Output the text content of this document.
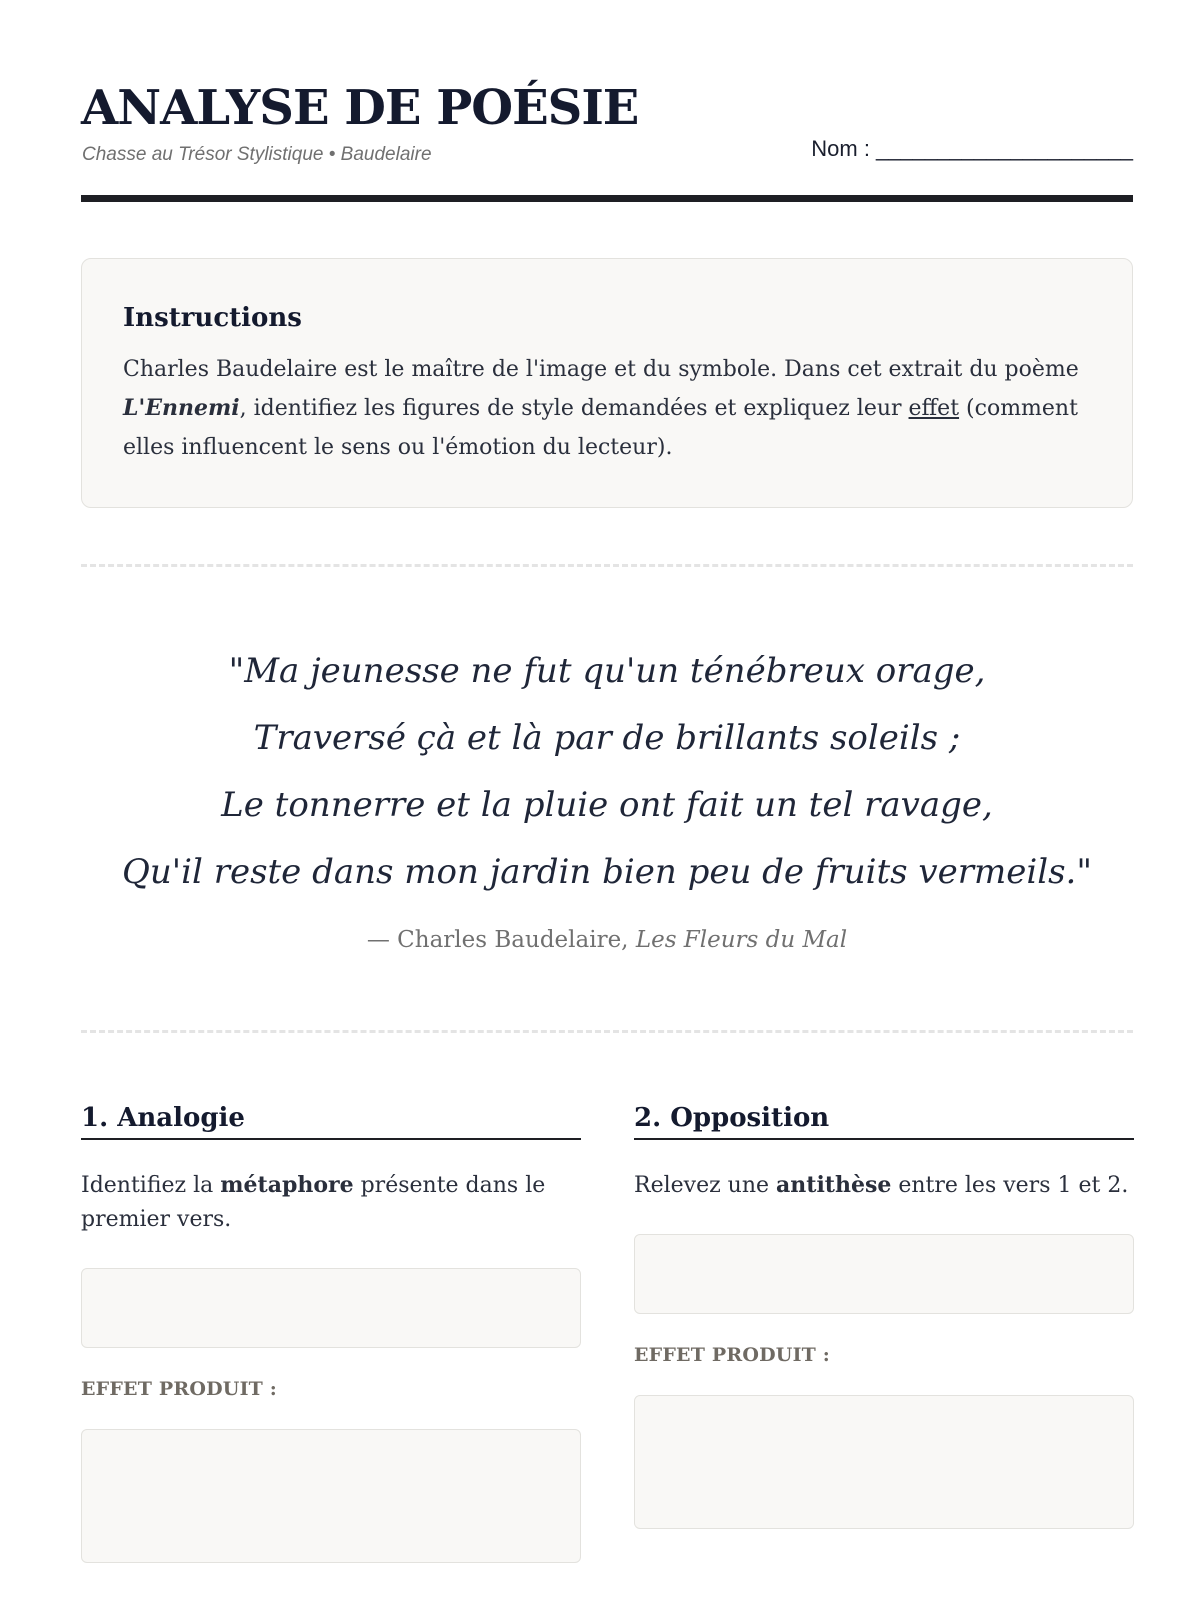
ANALYSE DE POÉSIE
Chasse au Trésor Stylistique • Baudelaire	Nom : _____________________
Instructions

Charles Baudelaire est le maître de l'image et du symbole. Dans cet extrait du poème L'Ennemi, identifiez les figures de style demandées et expliquez leur effet (comment elles influencent le sens ou l'émotion du lecteur).

"Ma jeunesse ne fut qu'un ténébreux orage,
Traversé çà et là par de brillants soleils ;
Le tonnerre et la pluie ont fait un tel ravage,
Qu'il reste dans mon jardin bien peu de fruits vermeils."
— Charles Baudelaire, Les Fleurs du Mal
1. Analogie

Identifiez la métaphore présente dans le premier vers.

EFFET PRODUIT :
2. Opposition

Relevez une antithèse entre les vers 1 et 2.

EFFET PRODUIT :
